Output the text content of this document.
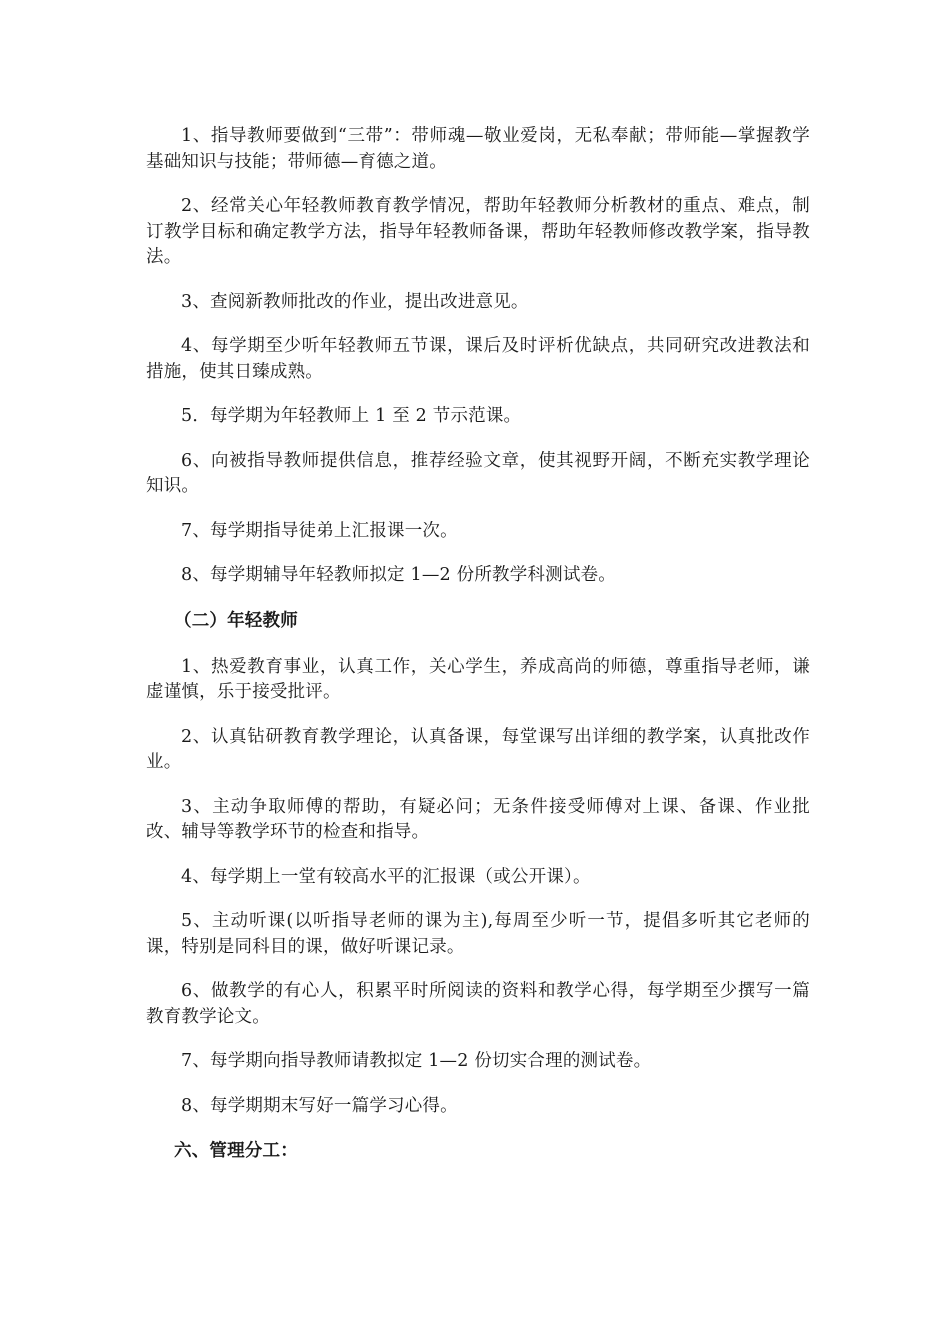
1、指导教师要做到“三带”：带师魂—敬业爱岗，无私奉献；带师能—掌握教学基础知识与技能；带师德—育德之道。

2、经常关心年轻教师教育教学情况，帮助年轻教师分析教材的重点、难点，制订教学目标和确定教学方法，指导年轻教师备课，帮助年轻教师修改教学案，指导教法。

3、查阅新教师批改的作业，提出改进意见。

4、每学期至少听年轻教师五节课，课后及时评析优缺点，共同研究改进教法和措施，使其日臻成熟。

5．每学期为年轻教师上 1 至 2 节示范课。

6、向被指导教师提供信息，推荐经验文章，使其视野开阔，不断充实教学理论知识。

7、每学期指导徒弟上汇报课一次。

8、每学期辅导年轻教师拟定 1—2 份所教学科测试卷。

（二）年轻教师

1、热爱教育事业，认真工作，关心学生，养成高尚的师德，尊重指导老师，谦虚谨慎，乐于接受批评。

2、认真钻研教育教学理论，认真备课，每堂课写出详细的教学案，认真批改作业。

3、主动争取师傅的帮助，有疑必问；无条件接受师傅对上课、备课、作业批改、辅导等教学环节的检查和指导。

4、每学期上一堂有较高水平的汇报课（或公开课）。

5、主动听课(以听指导老师的课为主),每周至少听一节，提倡多听其它老师的课，特别是同科目的课，做好听课记录。

6、做教学的有心人，积累平时所阅读的资料和教学心得，每学期至少撰写一篇教育教学论文。

7、每学期向指导教师请教拟定 1—2 份切实合理的测试卷。

8、每学期期末写好一篇学习心得。

六、管理分工：
